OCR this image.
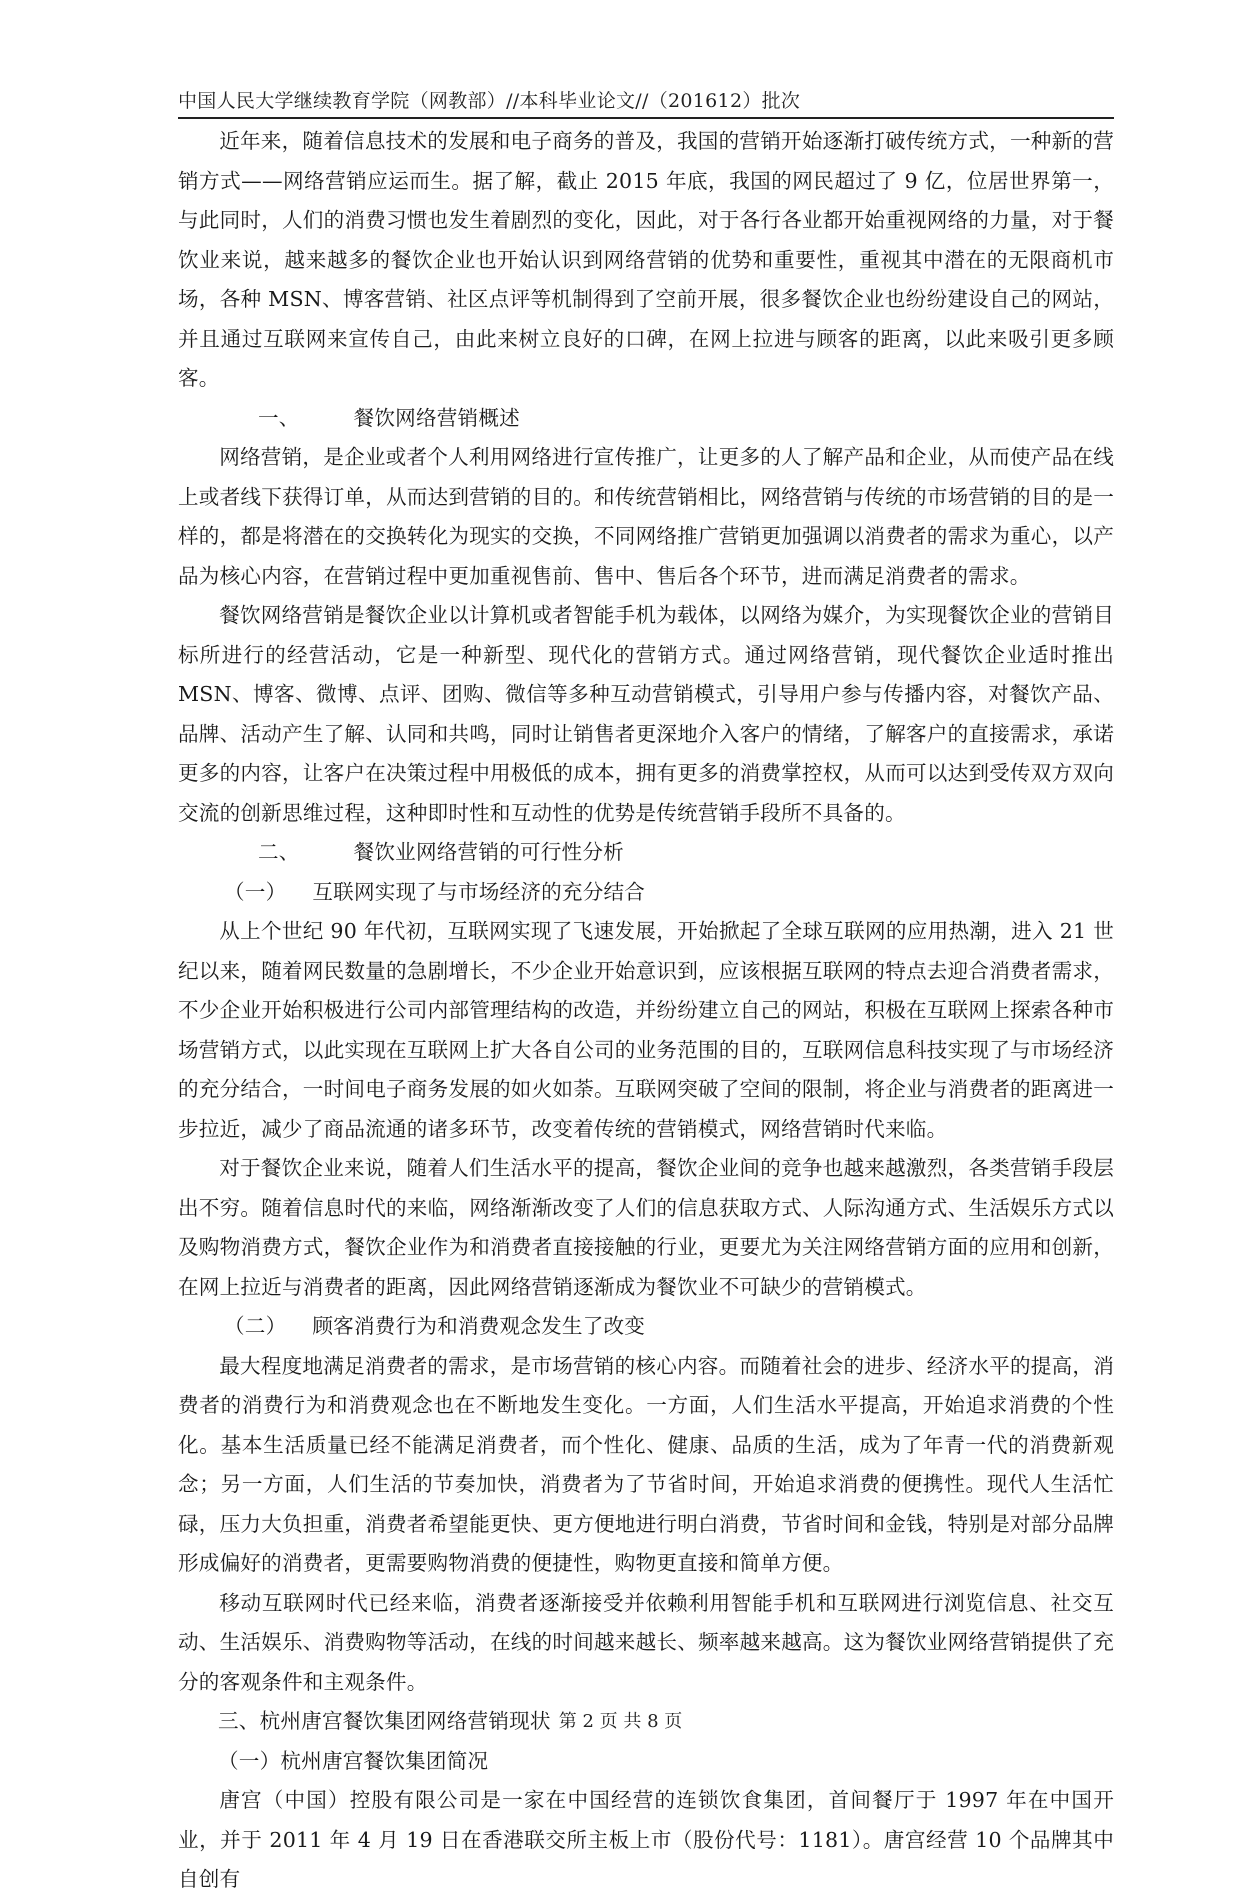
中国人民大学继续教育学院（网教部）//本科毕业论文//（201612）批次

近年来，随着信息技术的发展和电子商务的普及，我国的营销开始逐渐打破传统方式，一种新的营销方式——网络营销应运而生。据了解，截止 2015 年底，我国的网民超过了 9 亿，位居世界第一，与此同时，人们的消费习惯也发生着剧烈的变化，因此，对于各行各业都开始重视网络的力量，对于餐饮业来说，越来越多的餐饮企业也开始认识到网络营销的优势和重要性，重视其中潜在的无限商机市场，各种 MSN、博客营销、社区点评等机制得到了空前开展，很多餐饮企业也纷纷建设自己的网站，并且通过互联网来宣传自己，由此来树立良好的口碑，在网上拉进与顾客的距离，以此来吸引更多顾客。

一、	餐饮网络营销概述

网络营销，是企业或者个人利用网络进行宣传推广，让更多的人了解产品和企业，从而使产品在线上或者线下获得订单，从而达到营销的目的。和传统营销相比，网络营销与传统的市场营销的目的是一样的，都是将潜在的交换转化为现实的交换，不同网络推广营销更加强调以消费者的需求为重心，以产品为核心内容，在营销过程中更加重视售前、售中、售后各个环节，进而满足消费者的需求。

餐饮网络营销是餐饮企业以计算机或者智能手机为载体，以网络为媒介，为实现餐饮企业的营销目标所进行的经营活动，它是一种新型、现代化的营销方式。通过网络营销，现代餐饮企业适时推出 MSN、博客、微博、点评、团购、微信等多种互动营销模式，引导用户参与传播内容，对餐饮产品、品牌、活动产生了解、认同和共鸣，同时让销售者更深地介入客户的情绪，了解客户的直接需求，承诺更多的内容，让客户在决策过程中用极低的成本，拥有更多的消费掌控权，从而可以达到受传双方双向交流的创新思维过程，这种即时性和互动性的优势是传统营销手段所不具备的。

二、	餐饮业网络营销的可行性分析

（一） 互联网实现了与市场经济的充分结合

从上个世纪 90 年代初，互联网实现了飞速发展，开始掀起了全球互联网的应用热潮，进入 21 世纪以来，随着网民数量的急剧增长，不少企业开始意识到，应该根据互联网的特点去迎合消费者需求，不少企业开始积极进行公司内部管理结构的改造，并纷纷建立自己的网站，积极在互联网上探索各种市场营销方式，以此实现在互联网上扩大各自公司的业务范围的目的，互联网信息科技实现了与市场经济的充分结合，一时间电子商务发展的如火如荼。互联网突破了空间的限制，将企业与消费者的距离进一步拉近，减少了商品流通的诸多环节，改变着传统的营销模式，网络营销时代来临。

对于餐饮企业来说，随着人们生活水平的提高，餐饮企业间的竞争也越来越激烈，各类营销手段层出不穷。随着信息时代的来临，网络渐渐改变了人们的信息获取方式、人际沟通方式、生活娱乐方式以及购物消费方式，餐饮企业作为和消费者直接接触的行业，更要尤为关注网络营销方面的应用和创新，在网上拉近与消费者的距离，因此网络营销逐渐成为餐饮业不可缺少的营销模式。

（二） 顾客消费行为和消费观念发生了改变

最大程度地满足消费者的需求，是市场营销的核心内容。而随着社会的进步、经济水平的提高，消费者的消费行为和消费观念也在不断地发生变化。一方面，人们生活水平提高，开始追求消费的个性化。基本生活质量已经不能满足消费者，而个性化、健康、品质的生活，成为了年青一代的消费新观念；另一方面，人们生活的节奏加快，消费者为了节省时间，开始追求消费的便携性。现代人生活忙碌，压力大负担重，消费者希望能更快、更方便地进行明白消费，节省时间和金钱，特别是对部分品牌形成偏好的消费者，更需要购物消费的便捷性，购物更直接和简单方便。

移动互联网时代已经来临，消费者逐渐接受并依赖利用智能手机和互联网进行浏览信息、社交互动、生活娱乐、消费购物等活动，在线的时间越来越长、频率越来越高。这为餐饮业网络营销提供了充分的客观条件和主观条件。

三、杭州唐宫餐饮集团网络营销现状

（一）杭州唐宫餐饮集团简况

唐宫（中国）控股有限公司是一家在中国经营的连锁饮食集团，首间餐厅于 1997 年在中国开业，并于 2011 年 4 月 19 日在香港联交所主板上市（股份代号：1181）。唐宫经营 10 个品牌其中自创有

第 2 页 共 8 页
